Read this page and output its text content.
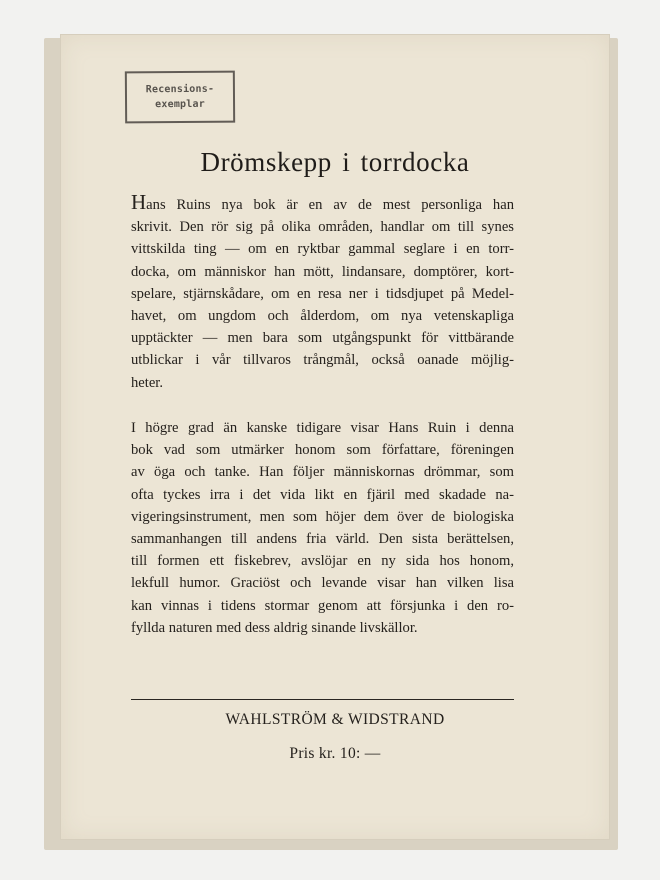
Recensions-
exemplar
Drömskepp i torrdocka
Hans Ruins nya bok är en av de mest personliga han
skrivit. Den rör sig på olika områden, handlar om till synes
vittskilda ting — om en ryktbar gammal seglare i en torr-
docka, om människor han mött, lindansare, domptörer, kort-
spelare, stjärnskådare, om en resa ner i tidsdjupet på Medel-
havet, om ungdom och ålderdom, om nya vetenskapliga
upptäckter — men bara som utgångspunkt för vittbärande
utblickar i vår tillvaros trångmål, också oanade möjlig-
heter.
I högre grad än kanske tidigare visar Hans Ruin i denna
bok vad som utmärker honom som författare, föreningen
av öga och tanke. Han följer människornas drömmar, som
ofta tyckes irra i det vida likt en fjäril med skadade na-
vigeringsinstrument, men som höjer dem över de biologiska
sammanhangen till andens fria värld. Den sista berättelsen,
till formen ett fiskebrev, avslöjar en ny sida hos honom,
lekfull humor. Graciöst och levande visar han vilken lisa
kan vinnas i tidens stormar genom att försjunka i den ro-
fyllda naturen med dess aldrig sinande livskällor.
WAHLSTRÖM & WIDSTRAND
Pris kr. 10: —
